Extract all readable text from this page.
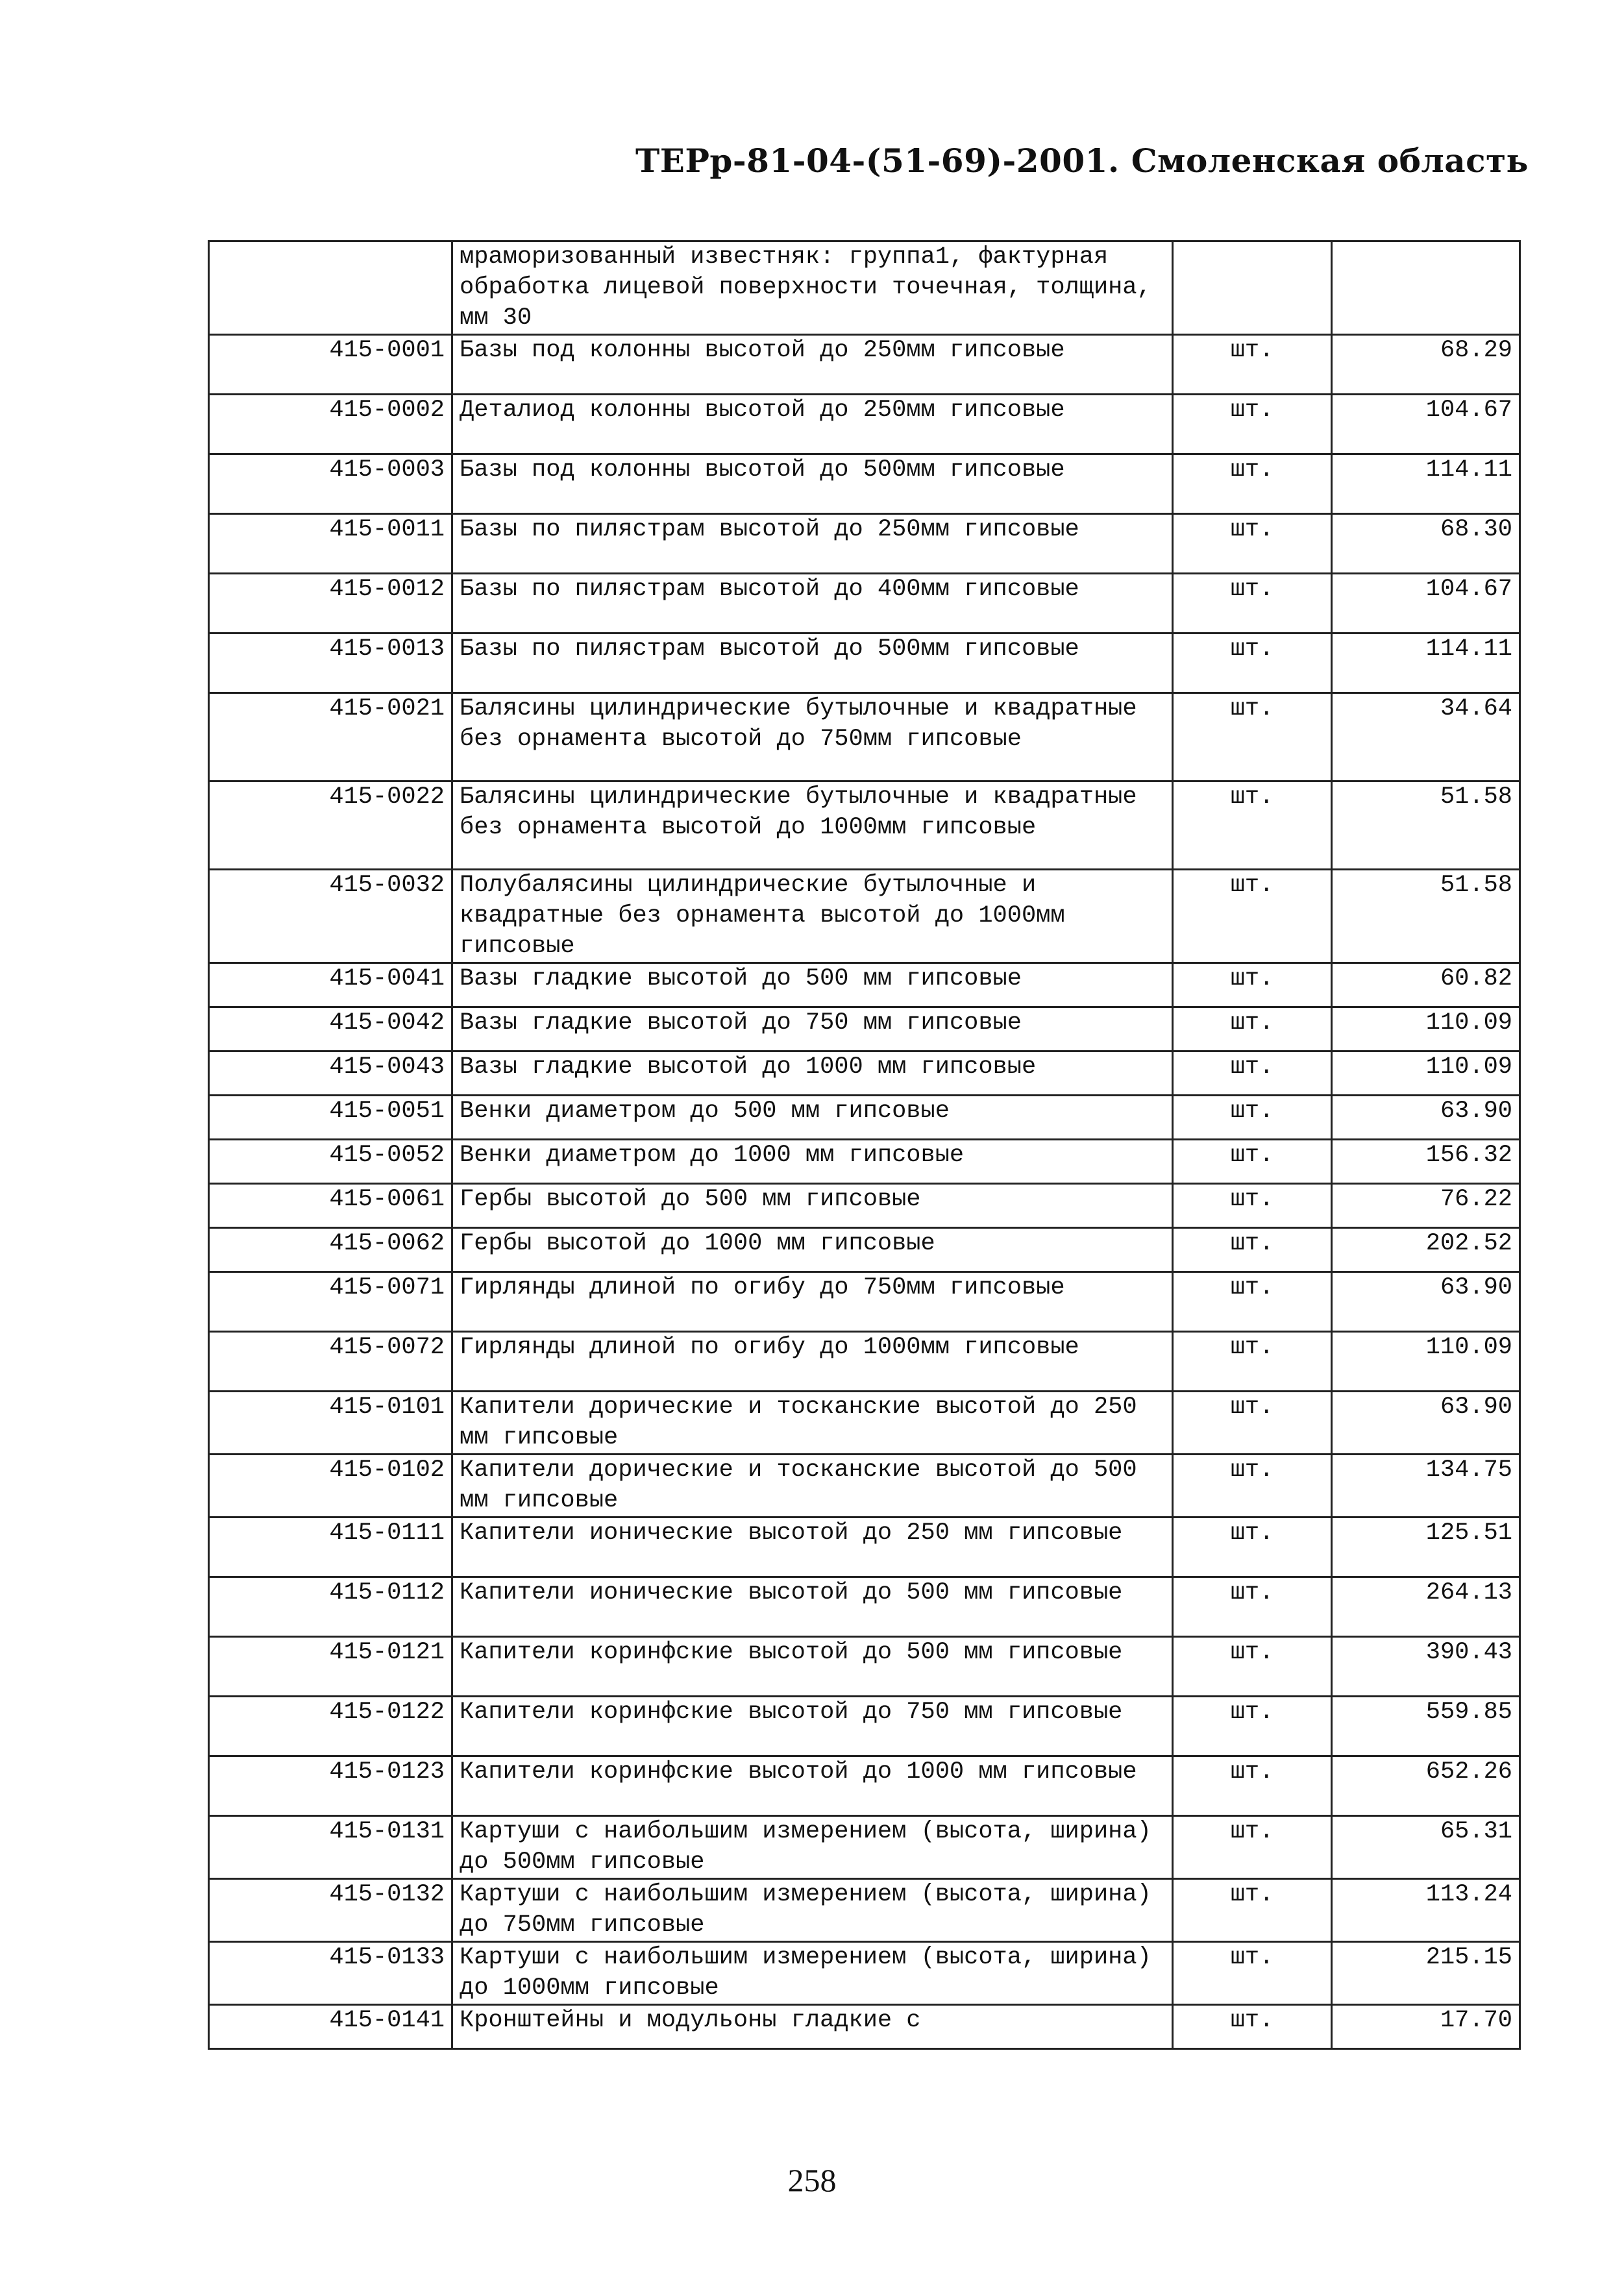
ТЕРр-81-04-(51-69)-2001. Смоленская область
	мраморизованный известняк: группа1, фактурная обработка лицевой поверхности точечная, толщина, мм 30		
415-0001	Базы под колонны высотой до 250мм гипсовые	шт.	68.29
415-0002	Деталиод колонны высотой до 250мм гипсовые	шт.	104.67
415-0003	Базы под колонны высотой до 500мм гипсовые	шт.	114.11
415-0011	Базы по пилястрам высотой до 250мм гипсовые	шт.	68.30
415-0012	Базы по пилястрам высотой до 400мм гипсовые	шт.	104.67
415-0013	Базы по пилястрам высотой до 500мм гипсовые	шт.	114.11
415-0021	Балясины цилиндрические бутылочные и квадратные без орнамента высотой до 750мм гипсовые	шт.	34.64
415-0022	Балясины цилиндрические бутылочные и квадратные без орнамента высотой до 1000мм гипсовые	шт.	51.58
415-0032	Полубалясины цилиндрические бутылочные и квадратные без орнамента высотой до 1000мм гипсовые	шт.	51.58
415-0041	Вазы гладкие высотой до 500 мм гипсовые	шт.	60.82
415-0042	Вазы гладкие высотой до 750 мм гипсовые	шт.	110.09
415-0043	Вазы гладкие высотой до 1000 мм гипсовые	шт.	110.09
415-0051	Венки диаметром до 500 мм гипсовые	шт.	63.90
415-0052	Венки диаметром до 1000 мм гипсовые	шт.	156.32
415-0061	Гербы высотой до 500 мм гипсовые	шт.	76.22
415-0062	Гербы высотой до 1000 мм гипсовые	шт.	202.52
415-0071	Гирлянды длиной по огибу до 750мм гипсовые	шт.	63.90
415-0072	Гирлянды длиной по огибу до 1000мм гипсовые	шт.	110.09
415-0101	Капители дорические и тосканские высотой до 250 мм гипсовые	шт.	63.90
415-0102	Капители дорические и тосканские высотой до 500 мм гипсовые	шт.	134.75
415-0111	Капители ионические высотой до 250 мм гипсовые	шт.	125.51
415-0112	Капители ионические высотой до 500 мм гипсовые	шт.	264.13
415-0121	Капители коринфские высотой до 500 мм гипсовые	шт.	390.43
415-0122	Капители коринфские высотой до 750 мм гипсовые	шт.	559.85
415-0123	Капители коринфские высотой до 1000 мм гипсовые	шт.	652.26
415-0131	Картуши с наибольшим измерением (высота, ширина) до 500мм гипсовые	шт.	65.31
415-0132	Картуши с наибольшим измерением (высота, ширина) до 750мм гипсовые	шт.	113.24
415-0133	Картуши с наибольшим измерением (высота, ширина) до 1000мм гипсовые	шт.	215.15
415-0141	Кронштейны и модульоны гладкие с	шт.	17.70
258
